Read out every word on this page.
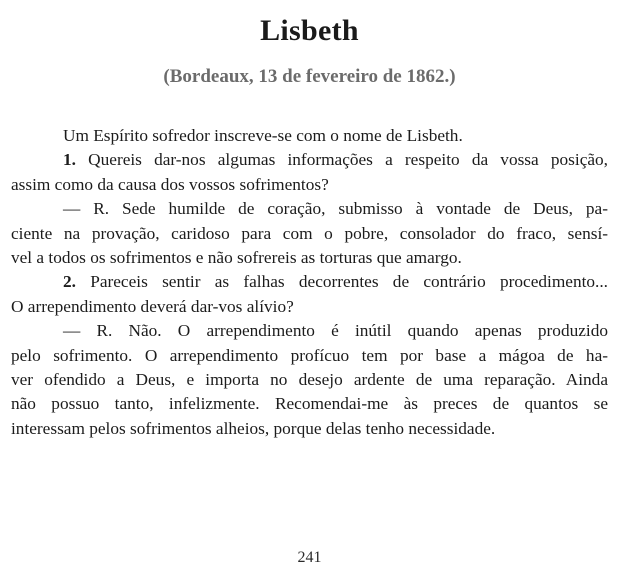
Lisbeth
(Bordeaux, 13 de fevereiro de 1862.)
Um Espírito sofredor inscreve-se com o nome de Lisbeth.
1. Quereis dar-nos algumas informações a respeito da vossa posição,
assim como da causa dos vossos sofrimentos?
— R. Sede humilde de coração, submisso à vontade de Deus, pa-
ciente na provação, caridoso para com o pobre, consolador do fraco, sensí-
vel a todos os sofrimentos e não sofrereis as torturas que amargo.
2. Pareceis sentir as falhas decorrentes de contrário procedimento...
O arrependimento deverá dar-vos alívio?
— R. Não. O arrependimento é inútil quando apenas produzido
pelo sofrimento. O arrependimento profícuo tem por base a mágoa de ha-
ver ofendido a Deus, e importa no desejo ardente de uma reparação. Ainda
não possuo tanto, infelizmente. Recomendai-me às preces de quantos se
interessam pelos sofrimentos alheios, porque delas tenho necessidade.
241
